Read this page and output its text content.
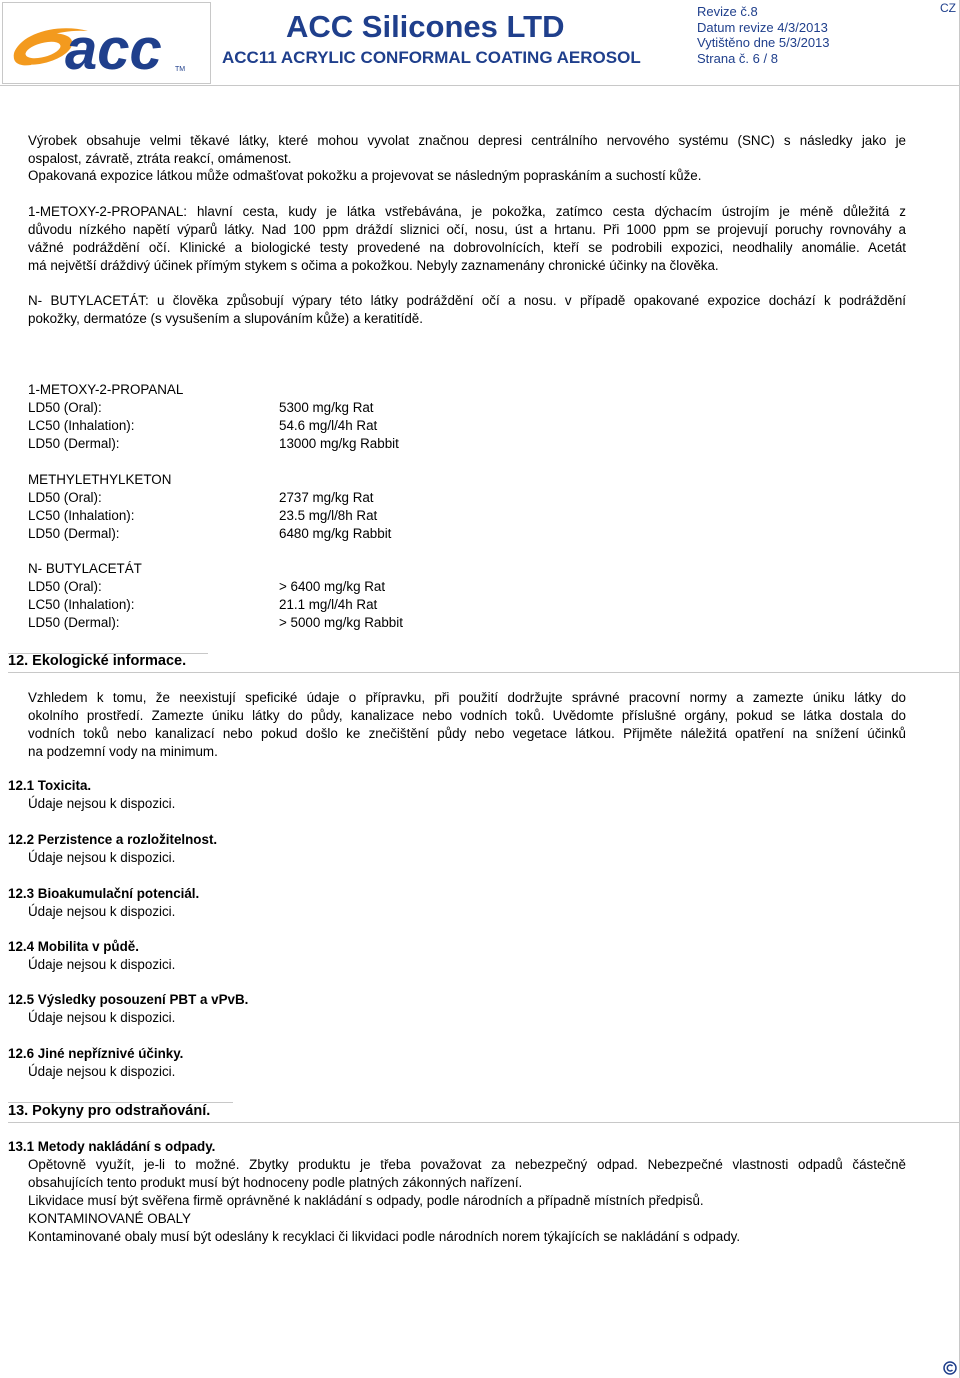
acc TM
ACC Silicones LTD
ACC11 ACRYLIC CONFORMAL COATING AEROSOL
Revize č.8
Datum revize 4/3/2013
Vytištěno dne 5/3/2013
Strana č. 6 / 8
CZ
Výrobek obsahuje velmi těkavé látky, které mohou vyvolat značnou depresi centrálního nervového systému (SNC) s následky jako je
ospalost, závratě, ztráta reakcí, omámenost.
Opakovaná expozice látkou může odmašťovat pokožku a projevovat se následným popraskáním a suchostí kůže.
1-METOXY-2-PROPANAL: hlavní cesta, kudy je látka vstřebávána, je pokožka, zatímco cesta dýchacím ústrojím je méně důležitá z
důvodu nízkého napětí výparů látky. Nad 100 ppm dráždí sliznici očí, nosu, úst a hrtanu. Při 1000 ppm se projevují poruchy rovnováhy a
vážné podráždění očí. Klinické a biologické testy provedené na dobrovolnících, kteří se podrobili expozici, neodhalily anomálie. Acetát
má největší dráždivý účinek přímým stykem s očima a pokožkou. Nebyly zaznamenány chronické účinky na člověka.
N- BUTYLACETÁT: u člověka způsobují výpary této látky podráždění očí a nosu. v případě opakované expozice dochází k podráždění
pokožky, dermatóze (s vysušením a slupováním kůže) a keratitídě.
1-METOXY-2-PROPANAL
LD50 (Oral):	5300 mg/kg Rat
LC50 (Inhalation):	54.6 mg/l/4h Rat
LD50 (Dermal):	13000 mg/kg Rabbit
METHYLETHYLKETON
LD50 (Oral):	2737 mg/kg Rat
LC50 (Inhalation):	23.5 mg/l/8h Rat
LD50 (Dermal):	6480 mg/kg Rabbit
N- BUTYLACETÁT
LD50 (Oral):	> 6400 mg/kg Rat
LC50 (Inhalation):	21.1 mg/l/4h Rat
LD50 (Dermal):	> 5000 mg/kg Rabbit
12. Ekologické informace.
Vzhledem k tomu, že neexistují speficiké údaje o přípravku, při použití dodržujte správné pracovní normy a zamezte úniku látky do
okolního prostředí. Zamezte úniku látky do půdy, kanalizace nebo vodních toků. Uvědomte příslušné orgány, pokud se látka dostala do
vodních toků nebo kanalizací nebo pokud došlo ke znečištění půdy nebo vegetace látkou. Přijměte náležitá opatření na snížení účinků
na podzemní vody na minimum.
12.1 Toxicita.
Údaje nejsou k dispozici.
12.2 Perzistence a rozložitelnost.
Údaje nejsou k dispozici.
12.3 Bioakumulační potenciál.
Údaje nejsou k dispozici.
12.4 Mobilita v půdě.
Údaje nejsou k dispozici.
12.5 Výsledky posouzení PBT a vPvB.
Údaje nejsou k dispozici.
12.6 Jiné nepříznivé účinky.
Údaje nejsou k dispozici.
13. Pokyny pro odstraňování.
13.1 Metody nakládání s odpady.
Opětovně využít, je-li to možné. Zbytky produktu je třeba považovat za nebezpečný odpad. Nebezpečné vlastnosti odpadů částečně
obsahujících tento produkt musí být hodnoceny podle platných zákonných nařízení.
Likvidace musí být svěřena firmě oprávněné k nakládání s odpady, podle národních a případně místních předpisů.
KONTAMINOVANÉ OBALY
Kontaminované obaly musí být odeslány k recyklaci či likvidaci podle národních norem týkajících se nakládání s odpady.
